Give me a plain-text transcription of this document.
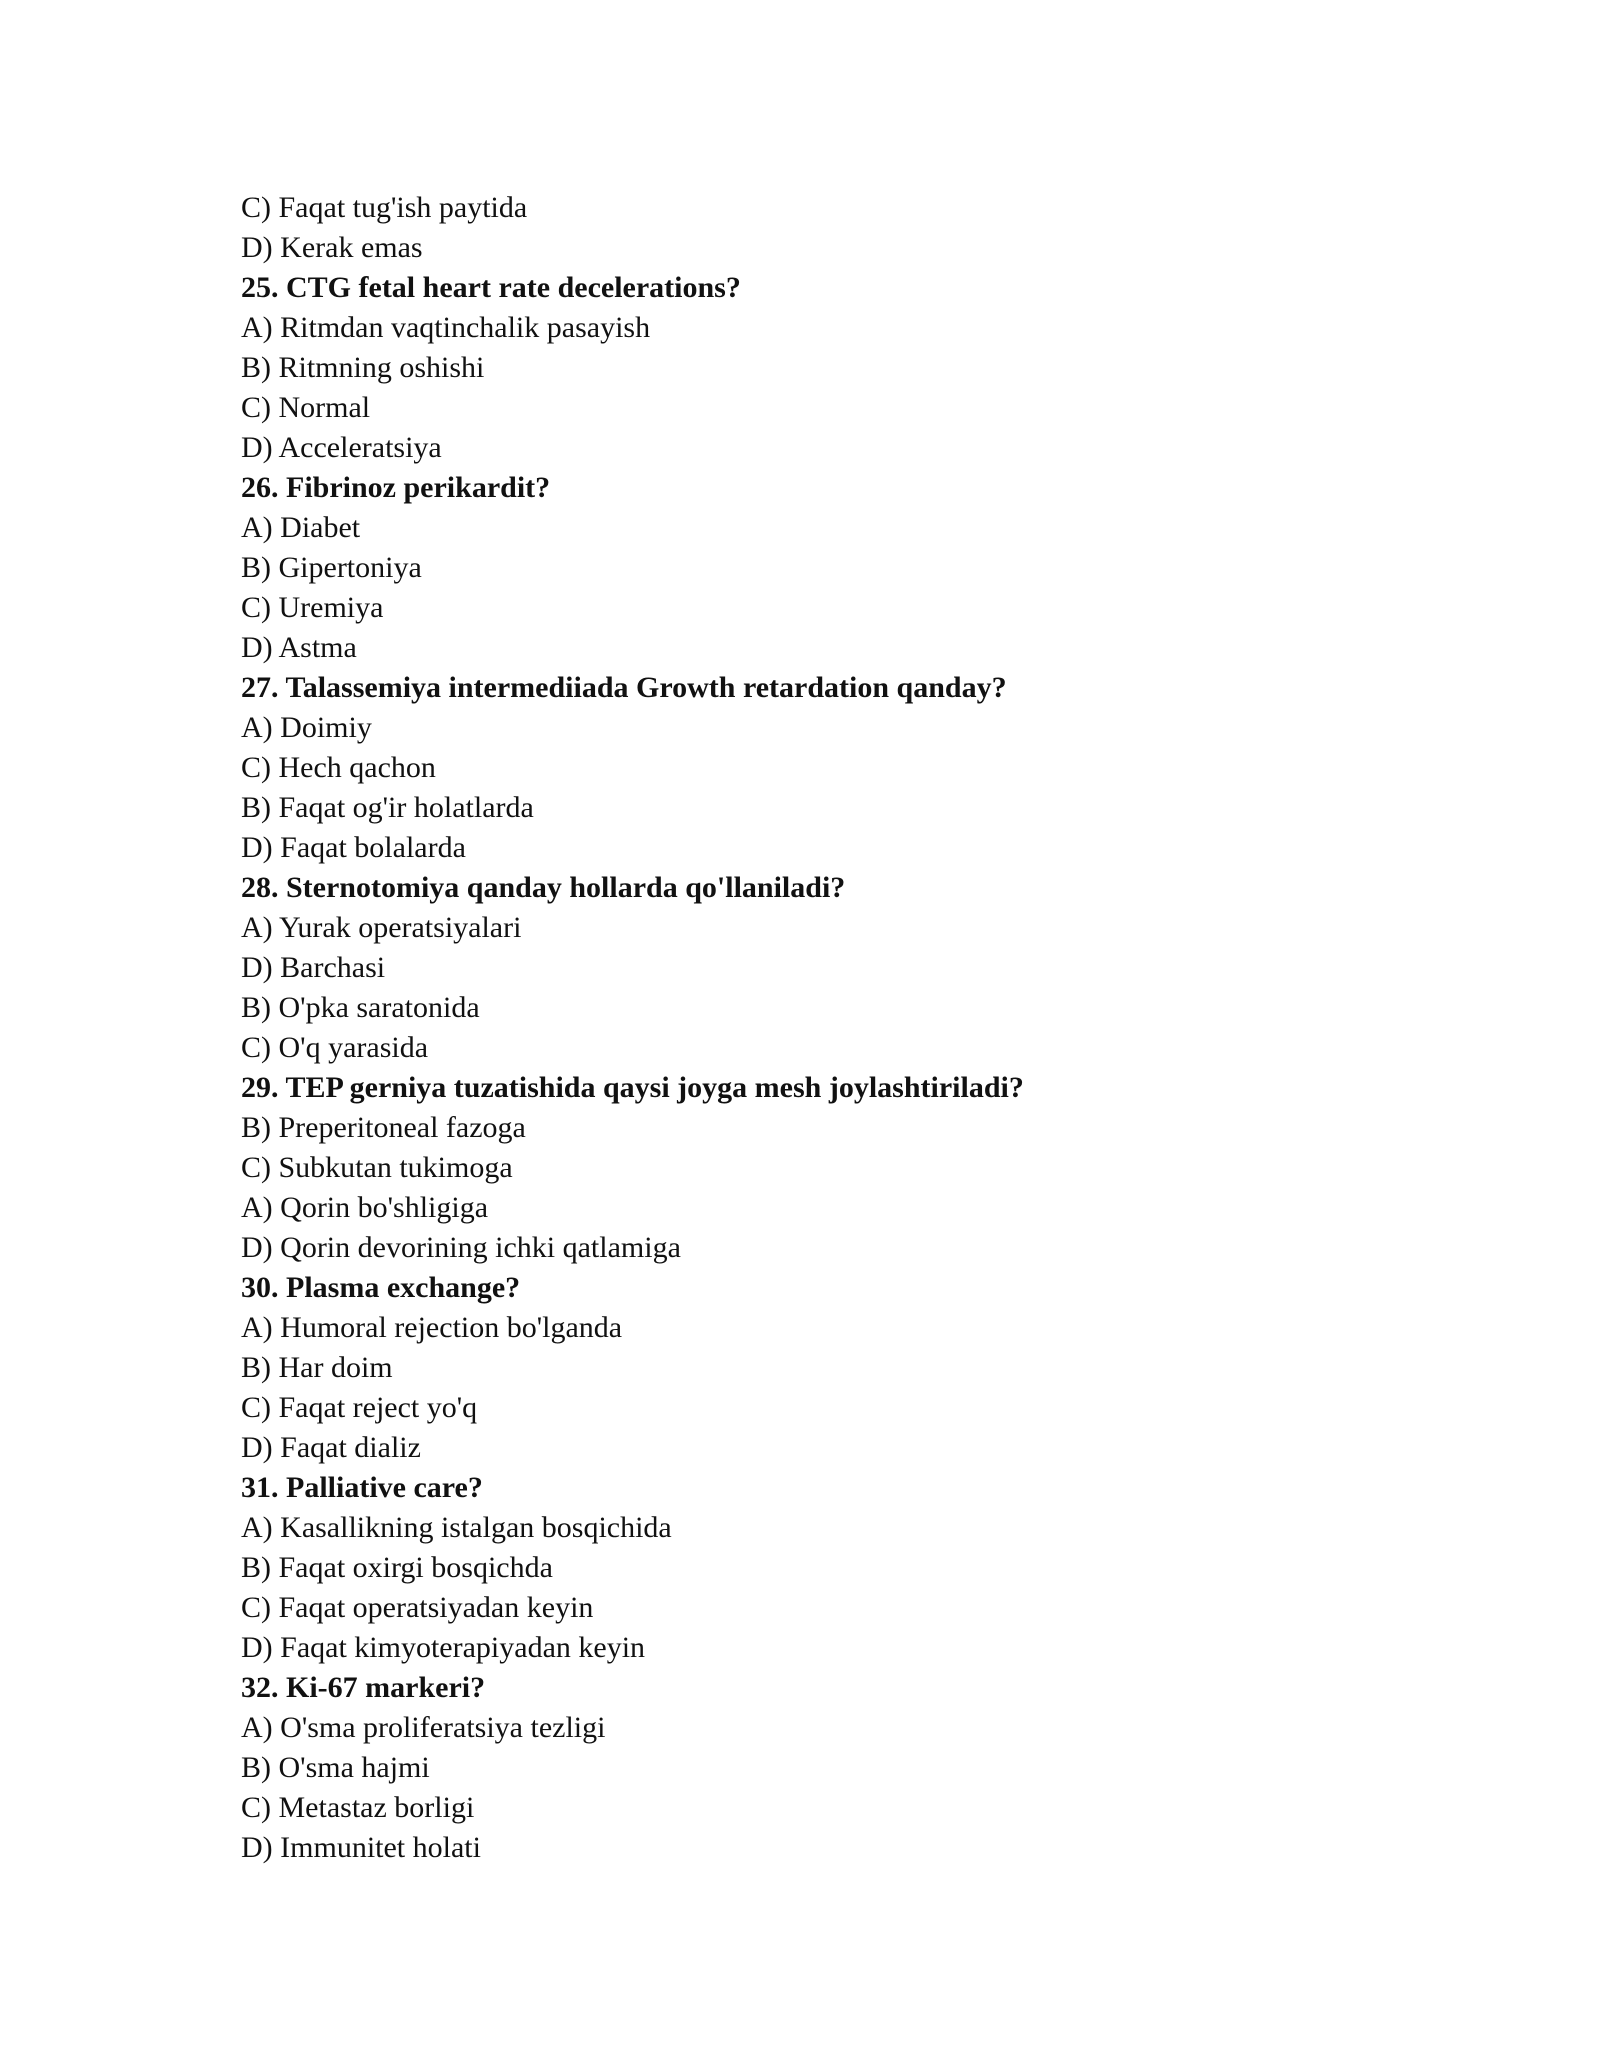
C) Faqat tug'ish paytida
D) Kerak emas
25. CTG fetal heart rate decelerations?
A) Ritmdan vaqtinchalik pasayish
B) Ritmning oshishi
C) Normal
D) Acceleratsiya
26. Fibrinoz perikardit?
A) Diabet
B) Gipertoniya
C) Uremiya
D) Astma
27. Talassemiya intermediiada Growth retardation qanday?
A) Doimiy
C) Hech qachon
B) Faqat og'ir holatlarda
D) Faqat bolalarda
28. Sternotomiya qanday hollarda qo'llaniladi?
A) Yurak operatsiyalari
D) Barchasi
B) O'pka saratonida
C) O'q yarasida
29. TEP gerniya tuzatishida qaysi joyga mesh joylashtiriladi?
B) Preperitoneal fazoga
C) Subkutan tukimoga
A) Qorin bo'shligiga
D) Qorin devorining ichki qatlamiga
30. Plasma exchange?
A) Humoral rejection bo'lganda
B) Har doim
C) Faqat reject yo'q
D) Faqat dializ
31. Palliative care?
A) Kasallikning istalgan bosqichida
B) Faqat oxirgi bosqichda
C) Faqat operatsiyadan keyin
D) Faqat kimyoterapiyadan keyin
32. Ki-67 markeri?
A) O'sma proliferatsiya tezligi
B) O'sma hajmi
C) Metastaz borligi
D) Immunitet holati
